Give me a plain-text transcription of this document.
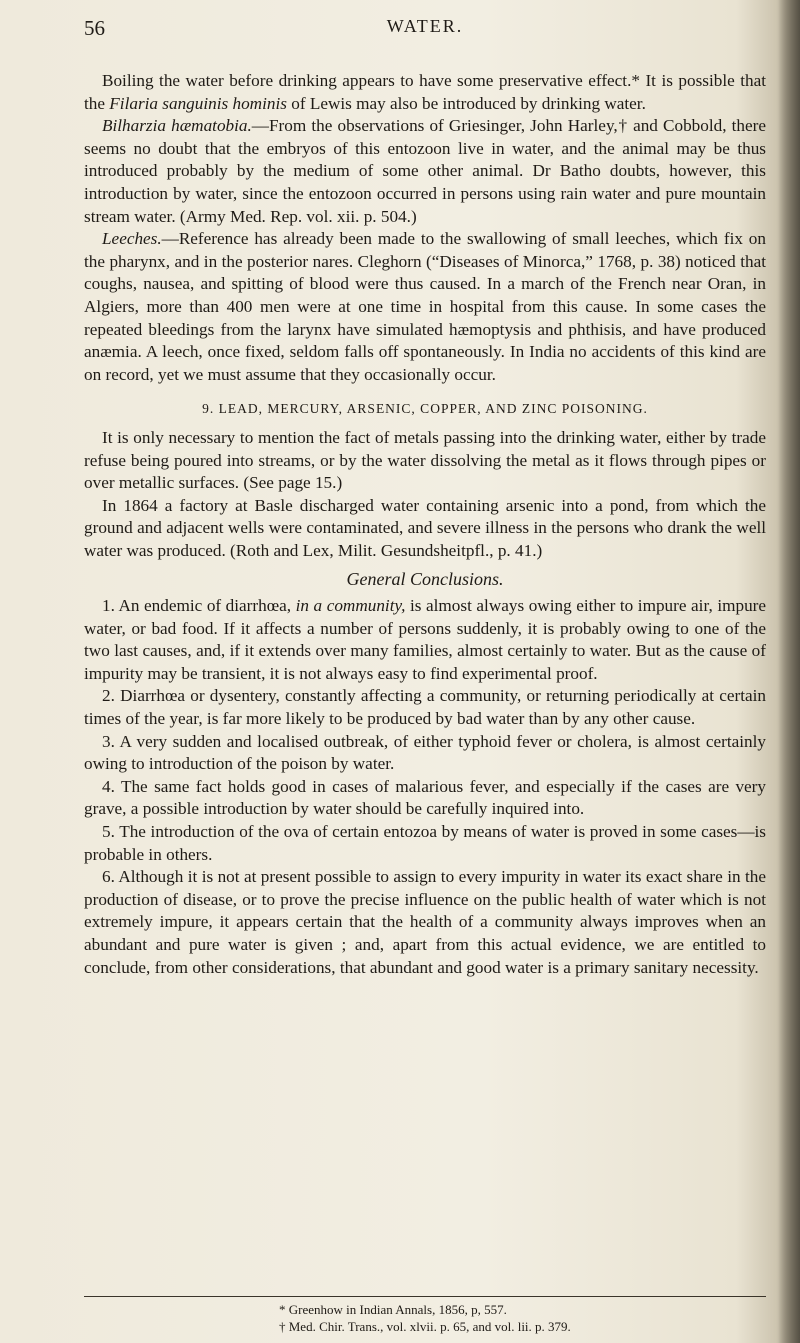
56	WATER.

Boiling the water before drinking appears to have some preservative effect.* It is possible that the Filaria sanguinis hominis of Lewis may also be introduced by drinking water.

Bilharzia hæmatobia.—From the observations of Griesinger, John Harley,† and Cobbold, there seems no doubt that the embryos of this entozoon live in water, and the animal may be thus introduced probably by the medium of some other animal. Dr Batho doubts, however, this introduction by water, since the entozoon occurred in persons using rain water and pure mountain stream water. (Army Med. Rep. vol. xii. p. 504.)

Leeches.—Reference has already been made to the swallowing of small leeches, which fix on the pharynx, and in the posterior nares. Cleghorn (“Diseases of Minorca,” 1768, p. 38) noticed that coughs, nausea, and spitting of blood were thus caused. In a march of the French near Oran, in Algiers, more than 400 men were at one time in hospital from this cause. In some cases the repeated bleedings from the larynx have simulated hæmoptysis and phthisis, and have produced anæmia. A leech, once fixed, seldom falls off spontaneously. In India no accidents of this kind are on record, yet we must assume that they occasionally occur.

9. LEAD, MERCURY, ARSENIC, COPPER, AND ZINC POISONING.

It is only necessary to mention the fact of metals passing into the drinking water, either by trade refuse being poured into streams, or by the water dissolving the metal as it flows through pipes or over metallic surfaces. (See page 15.)

In 1864 a factory at Basle discharged water containing arsenic into a pond, from which the ground and adjacent wells were contaminated, and severe illness in the persons who drank the well water was produced. (Roth and Lex, Milit. Gesundsheitpfl., p. 41.)

General Conclusions.

1. An endemic of diarrhœa, in a community, is almost always owing either to impure air, impure water, or bad food. If it affects a number of persons suddenly, it is probably owing to one of the two last causes, and, if it extends over many families, almost certainly to water. But as the cause of impurity may be transient, it is not always easy to find experimental proof.

2. Diarrhœa or dysentery, constantly affecting a community, or returning periodically at certain times of the year, is far more likely to be produced by bad water than by any other cause.

3. A very sudden and localised outbreak, of either typhoid fever or cholera, is almost certainly owing to introduction of the poison by water.

4. The same fact holds good in cases of malarious fever, and especially if the cases are very grave, a possible introduction by water should be carefully inquired into.

5. The introduction of the ova of certain entozoa by means of water is proved in some cases—is probable in others.

6. Although it is not at present possible to assign to every impurity in water its exact share in the production of disease, or to prove the precise influence on the public health of water which is not extremely impure, it appears certain that the health of a community always improves when an abundant and pure water is given ; and, apart from this actual evidence, we are entitled to conclude, from other considerations, that abundant and good water is a primary sanitary necessity.

* Greenhow in Indian Annals, 1856, p, 557.
† Med. Chir. Trans., vol. xlvii. p. 65, and vol. lii. p. 379.
